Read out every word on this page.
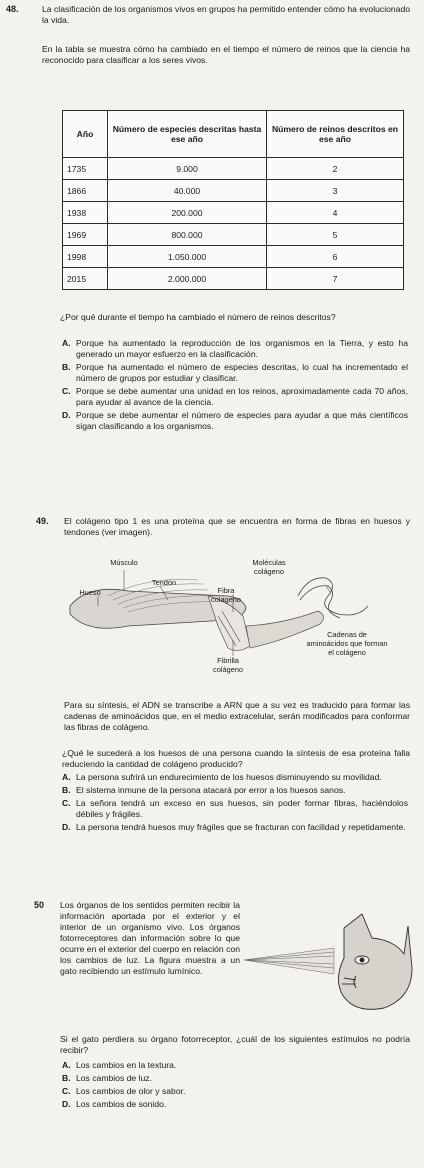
48.	La clasificación de los organismos vivos en grupos ha permitido entender cómo ha evolucionado la vida.
En la tabla se muestra cómo ha cambiado en el tiempo el número de reinos que la ciencia ha reconocido para clasificar a los seres vivos.
Año	Número de especies descritas hasta ese año	Número de reinos descritos en ese año
1735	9.000	2
1866	40.000	3
1938	200.000	4
1969	800.000	5
1998	1.050.000	6
2015	2.000.000	7
¿Por qué durante el tiempo ha cambiado el número de reinos descritos?
A. Porque ha aumentado la reproducción de los organismos en la Tierra, y esto ha generado un mayor esfuerzo en la clasificación.
B. Porque ha aumentado el número de especies descritas, lo cual ha incrementado el número de grupos por estudiar y clasificar.
C. Porque se debe aumentar una unidad en los reinos, aproximadamente cada 70 años, para ayudar al avance de la ciencia.
D. Porque se debe aumentar el número de especies para ayudar a que más científicos sigan clasificando a los organismos.
49. El colágeno tipo 1 es una proteína que se encuentra en forma de fibras en huesos y tendones (ver imagen).
Músculo
Tendón
Hueso
Moléculas colágeno
Fibra colágeno
Cadenas de aminoácidos que forman el colágeno
Fibrilla colágeno
Para su síntesis, el ADN se transcribe a ARN que a su vez es traducido para formar las cadenas de aminoácidos que, en el medio extracelular, serán modificados para conformar las fibras de colágeno.
¿Qué le sucederá a los huesos de una persona cuando la síntesis de esa proteína falla reduciendo la cantidad de colágeno producido?
A. La persona sufrirá un endurecimiento de los huesos disminuyendo su movilidad.
B. El sistema inmune de la persona atacará por error a los huesos sanos.
C. La señora tendrá un exceso en sus huesos, sin poder formar fibras, haciéndolos débiles y frágiles.
D. La persona tendrá huesos muy frágiles que se fracturan con facilidad y repetidamente.
50 Los órganos de los sentidos permiten recibir la información aportada por el exterior y el interior de un organismo vivo. Los órganos fotorreceptores dan información sobre lo que ocurre en el exterior del cuerpo en relación con los cambios de luz. La figura muestra a un gato recibiendo un estímulo lumínico.
Si el gato perdiera su órgano fotorreceptor, ¿cuál de los siguientes estímulos no podría recibir?
A. Los cambios en la textura.
B. Los cambios de luz.
C. Los cambios de olor y sabor.
D. Los cambios de sonido.
